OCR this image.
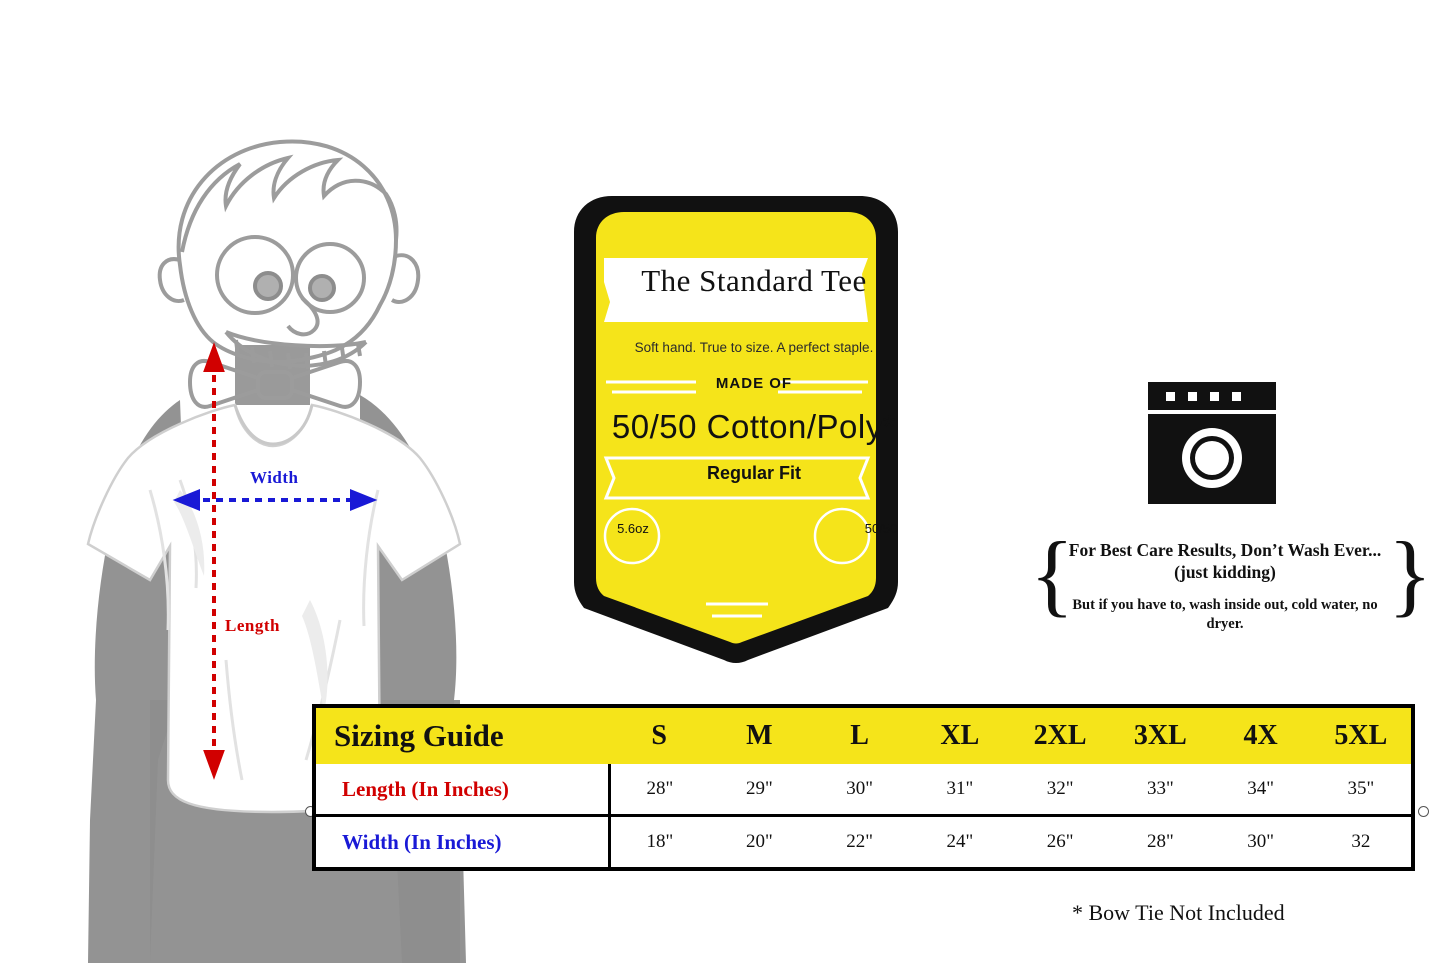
Width
Length
The Standard Tee
Soft hand. True to size. A perfect staple.
MADE OF
50/50 Cotton/Poly*
Regular Fit
5.6oz	50/50 {	}
For Best Care Results, Don’t Wash Ever... (just kidding)
But if you have to, wash inside out, cold water, no dryer.
Sizing Guide	S	M	L	XL	2XL	3XL	4X	5XL
Length (In Inches)	28"	29"	30"	31"	32"	33"	34"	35"
Width (In Inches)	18"	20"	22"	24"	26"	28"	30"	32
* Bow Tie Not Included
